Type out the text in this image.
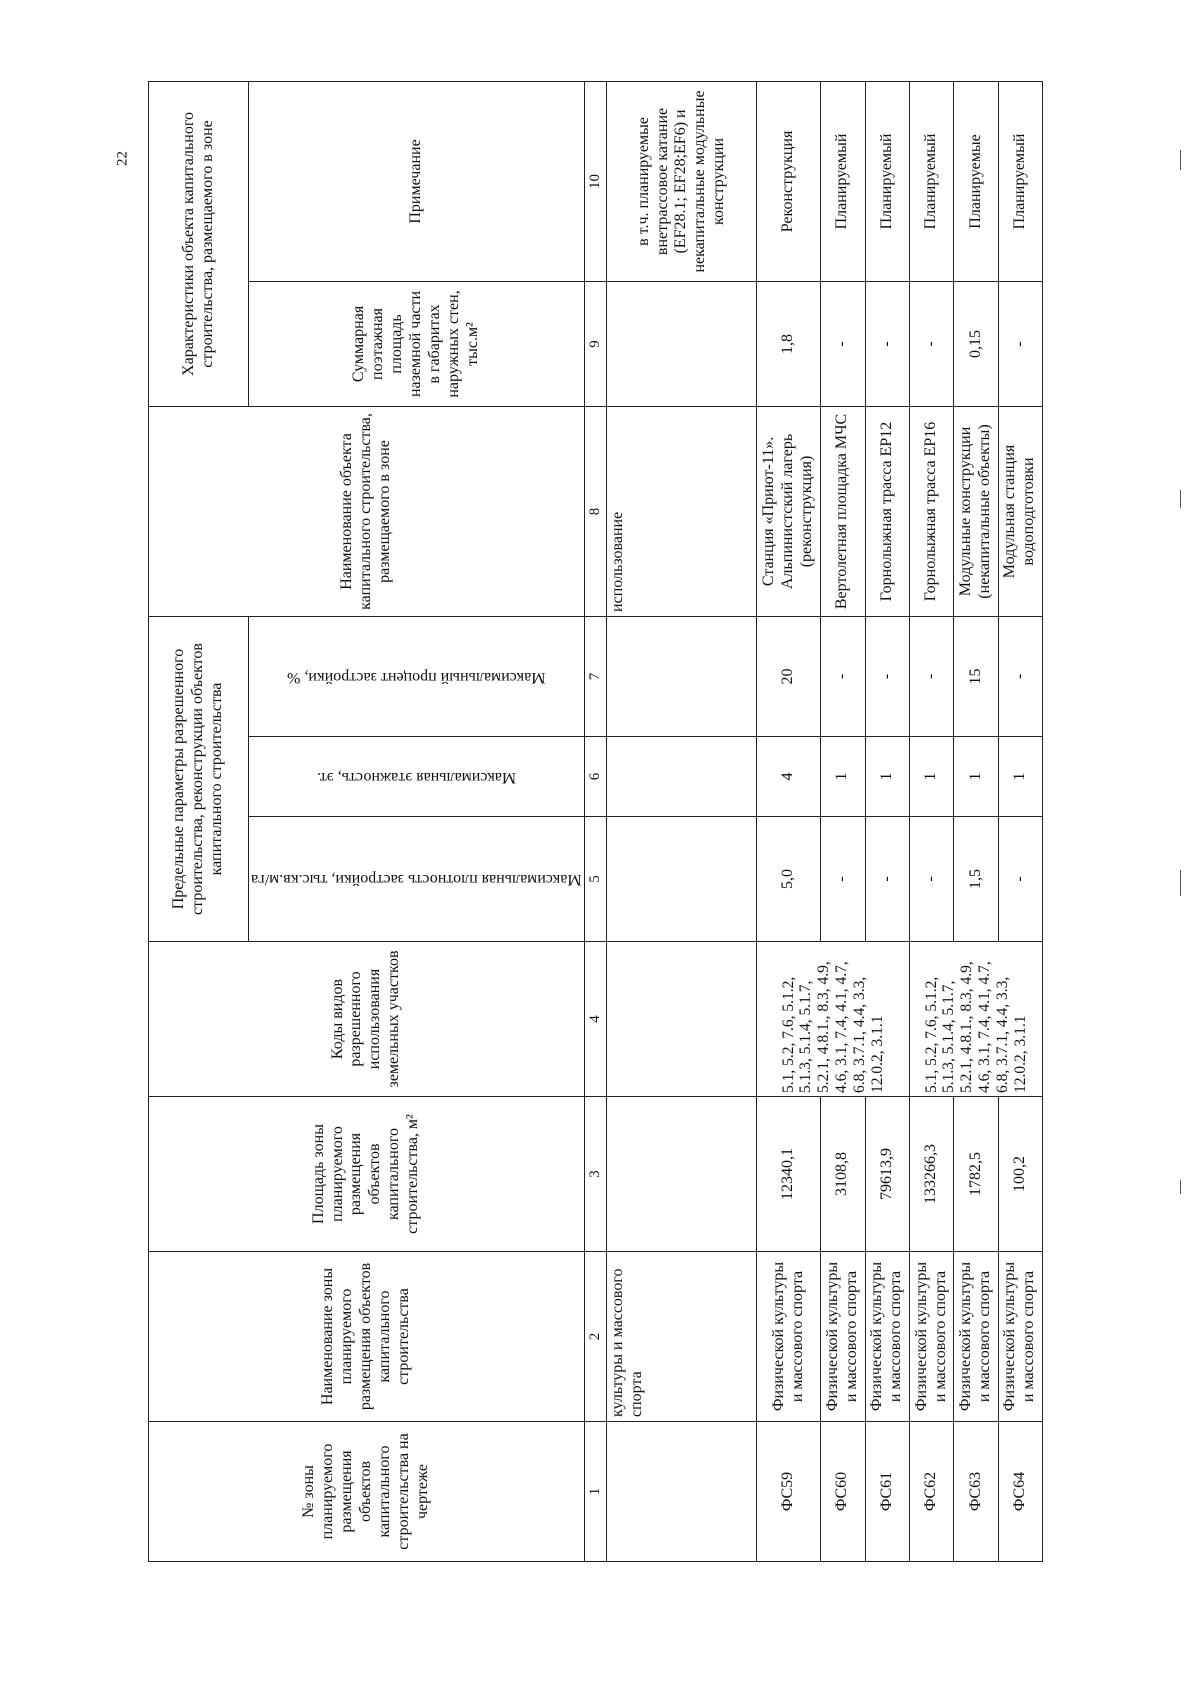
22
№ зоны планируемого размещения объектов капитального строительства на чертеже	Наименование зоны планируемого размещения объектов капитального строительства	Площадь зоны планируемого размещения объектов капитального строительства, м²	Коды видов разрешенного использования земельных участков	Предельные параметры разрешенного строительства, реконструкции объектов капитального строительства			Наименование объекта капитального строительства, размещаемого в зоне	Характеристики объекта капитального строительства, размещаемого в зоне	

				Максимальная плотность застройки, тыс.кв.м/га	Максимальная этажность, эт.	Максимальный процент застройки, %		Суммарная поэтажная площадь наземной части в габаритах наружных стен, тыс.м²	Примечание
1	2	3	4	5	6	7	8	9	10
	культуры и массового спорта						использование		в т.ч. планируемые внетрассовое катание (EF28.1; EF28;EF6) и некапитальные модульные конструкции
ФС59	Физической культуры и массового спорта	12340,1	5.1, 5.2, 7.6, 5.1.2, 5.1.3, 5.1.4, 5.1.7, 5.2.1, 4.8.1., 8.3, 4.9, 4.6, 3.1, 7.4, 4.1, 4.7, 6.8, 3.7.1, 4.4, 3.3, 12.0.2, 3.1.1	5,0	4	20	Станция «Приют-11». Альпинистский лагерь (реконструкция)	1,8	Реконструкция
ФС60	Физической культуры и массового спорта	3108,8		-	1	-	Вертолетная площадка МЧС	-	Планируемый
ФС61	Физической культуры и массового спорта	79613,9		-	1	-	Горнолыжная трасса EP12	-	Планируемый
ФС62	Физической культуры и массового спорта	133266,3	5.1, 5.2, 7.6, 5.1.2, 5.1.3, 5.1.4, 5.1.7, 5.2.1, 4.8.1., 8.3, 4.9, 4.6, 3.1, 7.4, 4.1, 4.7, 6.8, 3.7.1, 4.4, 3.3, 12.0.2, 3.1.1	-	1	-	Горнолыжная трасса EP16	-	Планируемый
ФС63	Физической культуры и массового спорта	1782,5		1,5	1	15	Модульные конструкции (некапитальные объекты)	0,15	Планируемые
ФС64	Физической культуры и массового спорта	100,2		-	1	-	Модульная станция водоподготовки	-	Планируемый
